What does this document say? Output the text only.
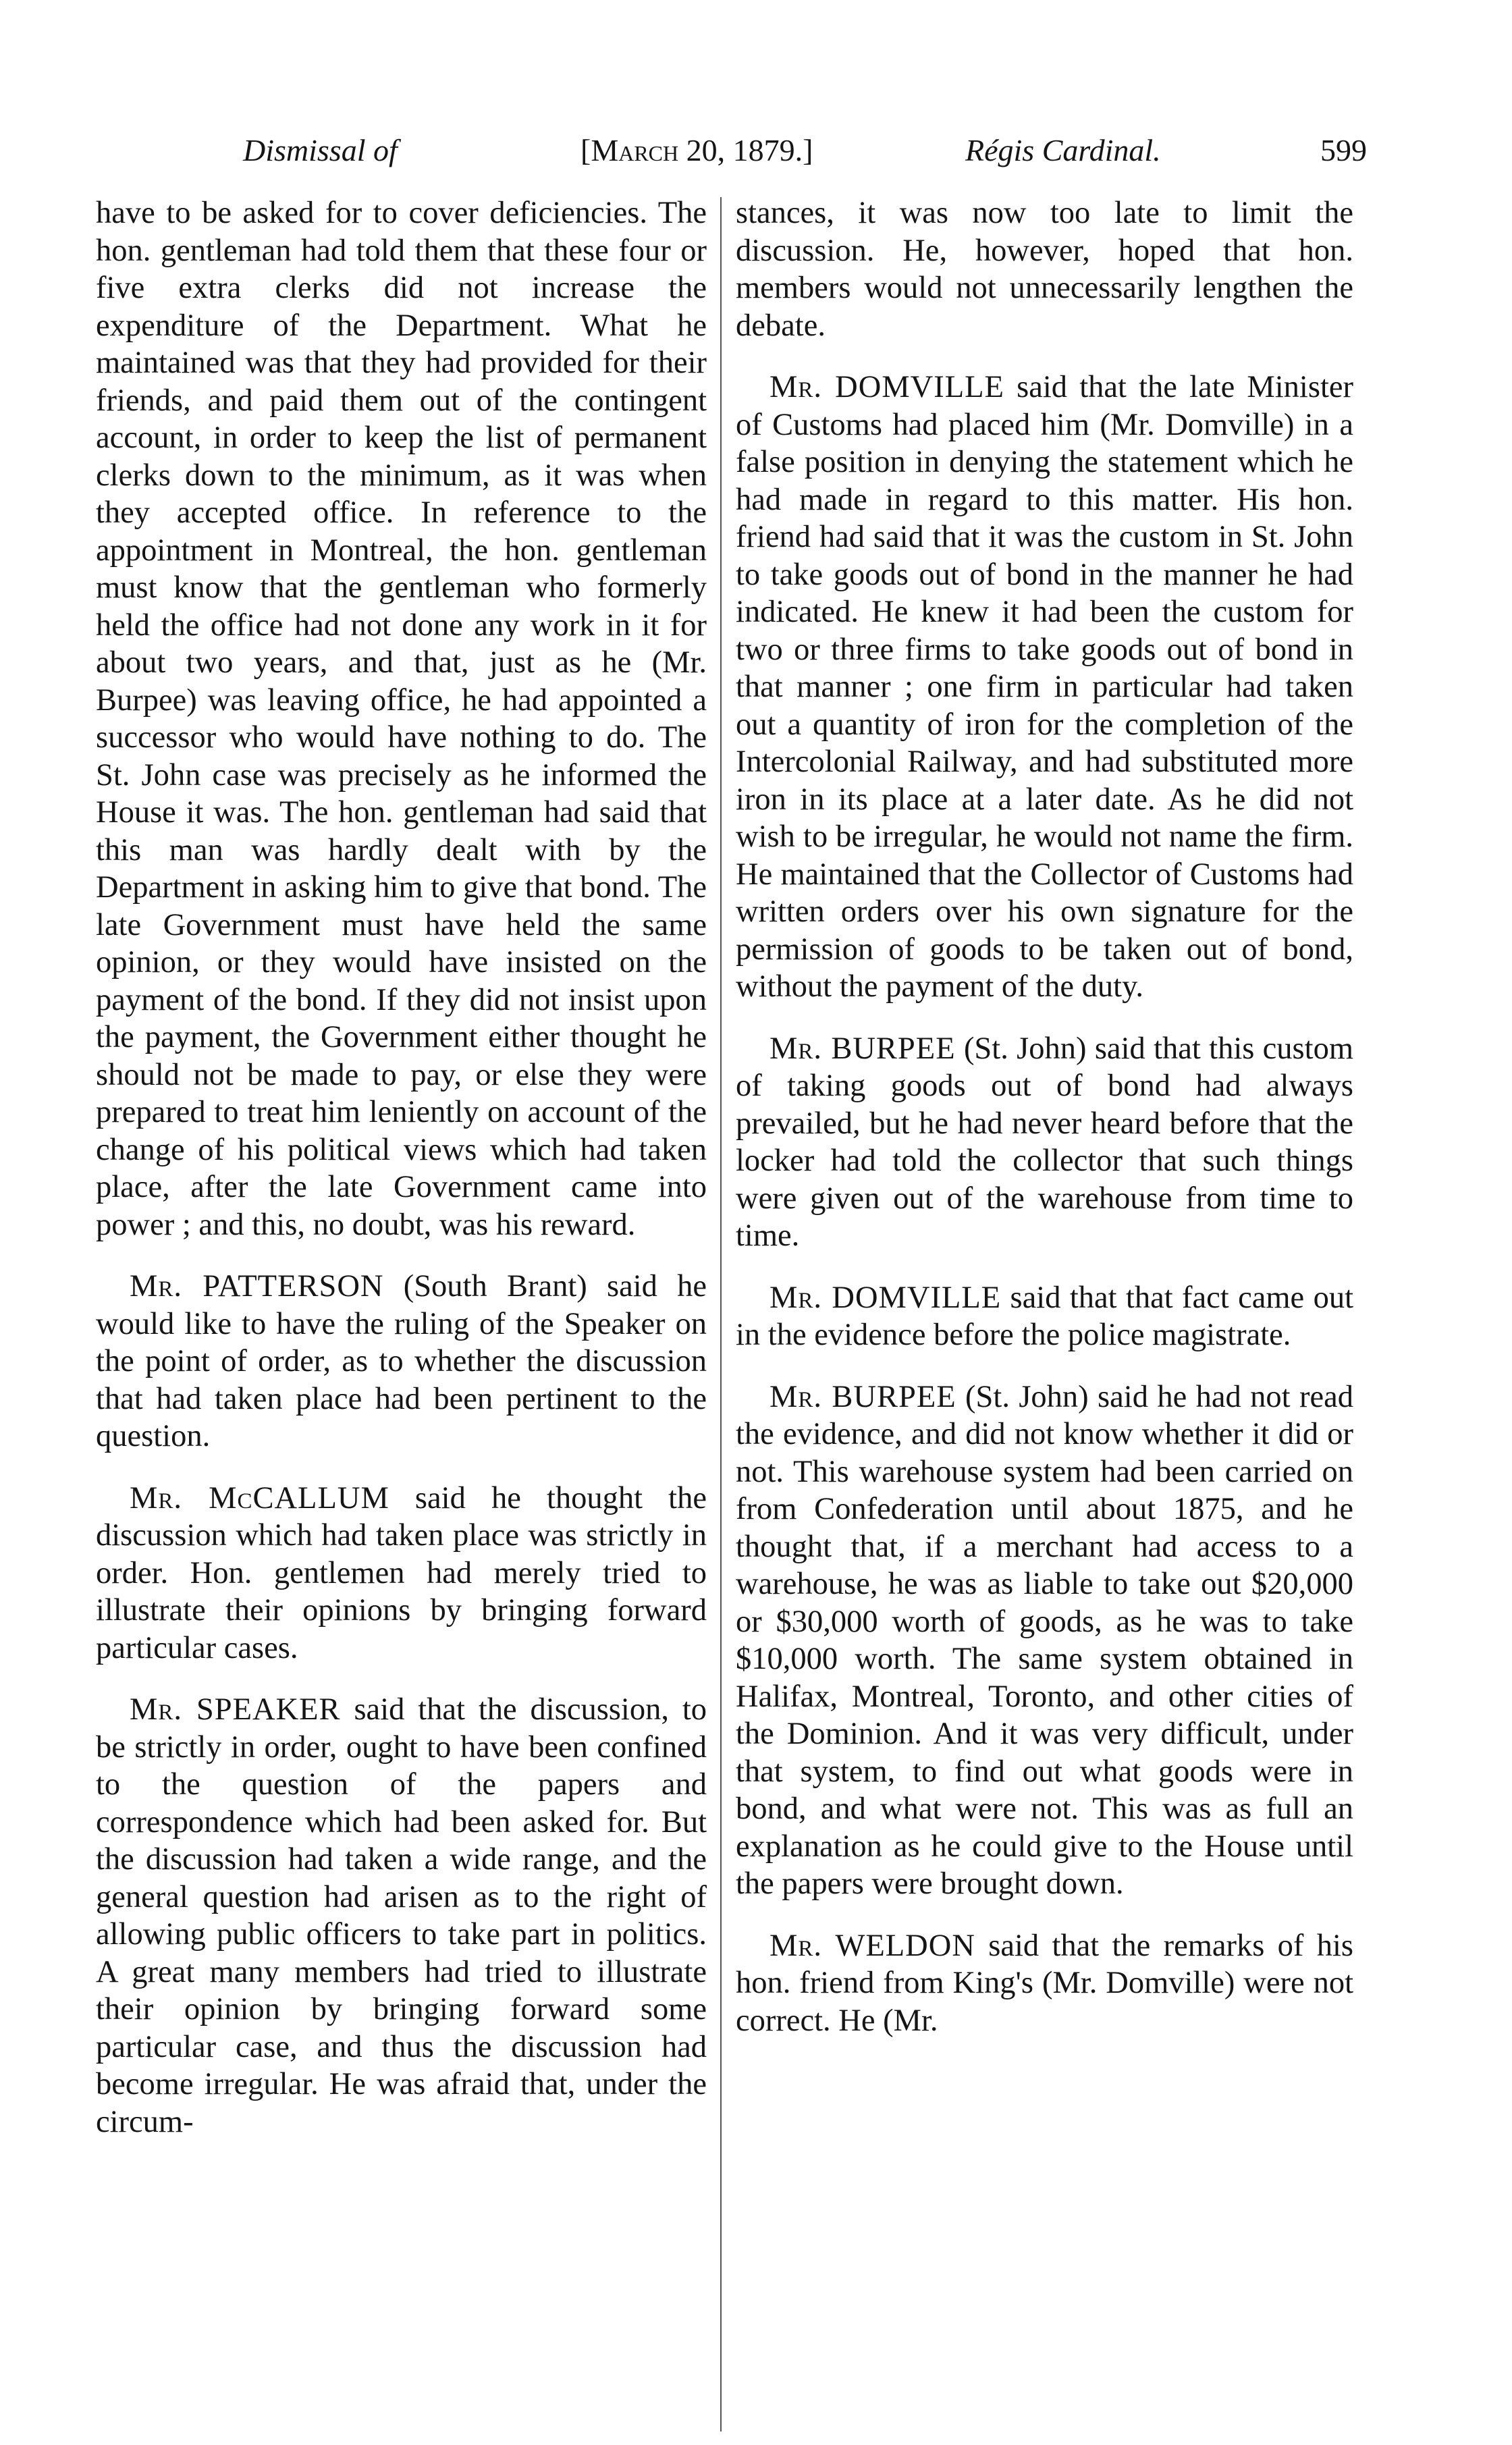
Dismissal of	[March 20, 1879.]	Régis Cardinal.	599

have to be asked for to cover deficiencies. The hon. gentleman had told them that these four or five extra clerks did not increase the expenditure of the Department. What he maintained was that they had provided for their friends, and paid them out of the contingent account, in order to keep the list of permanent clerks down to the minimum, as it was when they accepted office. In reference to the appointment in Montreal, the hon. gentleman must know that the gentleman who formerly held the office had not done any work in it for about two years, and that, just as he (Mr. Burpee) was leaving office, he had appointed a successor who would have nothing to do. The St. John case was precisely as he informed the House it was. The hon. gentleman had said that this man was hardly dealt with by the Department in asking him to give that bond. The late Government must have held the same opinion, or they would have insisted on the payment of the bond. If they did not insist upon the payment, the Government either thought he should not be made to pay, or else they were prepared to treat him leniently on account of the change of his political views which had taken place, after the late Government came into power ; and this, no doubt, was his reward.

Mr. PATTERSON (South Brant) said he would like to have the ruling of the Speaker on the point of order, as to whether the discussion that had taken place had been pertinent to the question.

Mr. McCALLUM said he thought the discussion which had taken place was strictly in order. Hon. gentlemen had merely tried to illustrate their opinions by bringing forward particular cases.

Mr. SPEAKER said that the discussion, to be strictly in order, ought to have been confined to the question of the papers and correspondence which had been asked for. But the discussion had taken a wide range, and the general question had arisen as to the right of allowing public officers to take part in politics. A great many members had tried to illustrate their opinion by bringing forward some particular case, and thus the discussion had become irregular. He was afraid that, under the circum-

stances, it was now too late to limit the discussion. He, however, hoped that hon. members would not unnecessarily lengthen the debate.

Mr. DOMVILLE said that the late Minister of Customs had placed him (Mr. Domville) in a false position in denying the statement which he had made in regard to this matter. His hon. friend had said that it was the custom in St. John to take goods out of bond in the manner he had indicated. He knew it had been the custom for two or three firms to take goods out of bond in that manner ; one firm in particular had taken out a quantity of iron for the completion of the Intercolonial Railway, and had substituted more iron in its place at a later date. As he did not wish to be irregular, he would not name the firm. He maintained that the Collector of Customs had written orders over his own signature for the permission of goods to be taken out of bond, without the payment of the duty.

Mr. BURPEE (St. John) said that this custom of taking goods out of bond had always prevailed, but he had never heard before that the locker had told the collector that such things were given out of the warehouse from time to time.

Mr. DOMVILLE said that that fact came out in the evidence before the police magistrate.

Mr. BURPEE (St. John) said he had not read the evidence, and did not know whether it did or not. This warehouse system had been carried on from Confederation until about 1875, and he thought that, if a merchant had access to a warehouse, he was as liable to take out $20,000 or $30,000 worth of goods, as he was to take $10,000 worth. The same system obtained in Halifax, Montreal, Toronto, and other cities of the Dominion. And it was very difficult, under that system, to find out what goods were in bond, and what were not. This was as full an explanation as he could give to the House until the papers were brought down.

Mr. WELDON said that the remarks of his hon. friend from King's (Mr. Domville) were not correct. He (Mr.
